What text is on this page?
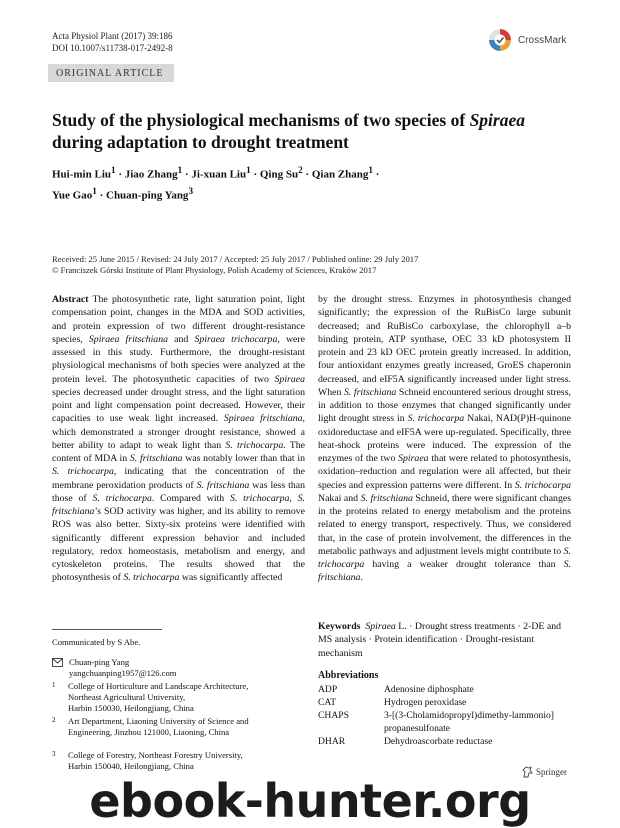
Acta Physiol Plant (2017) 39:186
DOI 10.1007/s11738-017-2492-8
CrossMark
ORIGINAL ARTICLE
Study of the physiological mechanisms of two species of Spiraea
during adaptation to drought treatment
Hui-min Liu$^1$ · Jiao Zhang$^1$ · Ji-xuan Liu$^1$ · Qing $Su^2$ · Qian Zhang$^1$ ·
Yue Gao$^1$ · Chuan-ping Yang$^3$
Received: 25 June 2015 / Revised: 24 July 2017 / Accepted: 25 July 2017 / Published online: 29 July 2017
© Franciszek Górski Institute of Plant Physiology, Polish Academy of Sciences, Kraków 2017
Abstract The photosynthetic rate, light saturation point, light compensation point, changes in the MDA and SOD activities, and protein expression of two different drought-resistance species, Spiraea fritschiana and Spiraea trichocarpa, were assessed in this study. Furthermore, the drought-resistant physiological mechanisms of both species were analyzed at the protein level. The photosynthetic capacities of two Spiraea species decreased under drought stress, and the light saturation point and light compensation point decreased. However, their capacities to use weak light increased. Spiraea fritschiana, which demonstrated a stronger drought resistance, showed a better ability to adapt to weak light than S. trichocarpa. The content of MDA in S. fritschiana was notably lower than that in S. trichocarpa, indicating that the concentration of the membrane peroxidation products of S. fritschiana was less than those of S. trichocarpa. Compared with S. trichocarpa, S. fritschiana’s SOD activity was higher, and its ability to remove ROS was also better. Sixty-six proteins were identified with significantly different expression behavior and included regulatory, redox homeostasis, metabolism and energy, and cytoskeleton proteins. The results showed that the photosynthesis of S. trichocarpa was significantly affected
by the drought stress. Enzymes in photosynthesis changed significantly; the expression of the RuBisCo large subunit decreased; and RuBisCo carboxylase, the chlorophyll a–b binding protein, ATP synthase, OEC 33 kD photosystem II protein and 23 kD OEC protein greatly increased. In addition, four antioxidant enzymes greatly increased, GroES chaperonin decreased, and eIF5A significantly increased under light stress. When S. fritschiana Schneid encountered serious drought stress, in addition to those enzymes that changed significantly under light drought stress in S. trichocarpa Nakai, NAD(P)H-quinone oxidoreductase and eIF5A were up-regulated. Specifically, three heat-shock proteins were induced. The expression of the enzymes of the two Spiraea that were related to photosynthesis, oxidation–reduction and regulation were all affected, but their species and expression patterns were different. In S. trichocarpa Nakai and S. fritschiana Schneid, there were significant changes in the proteins related to energy metabolism and the proteins related to energy transport, respectively. Thus, we considered that, in the case of protein involvement, the differences in the metabolic pathways and adjustment levels might contribute to S. trichocarpa having a weaker drought tolerance than S. fritschiana.
Keywords Spiraea L. · Drought stress treatments · 2-DE and MS analysis · Protein identification · Drought-resistant mechanism
Communicated by S Abe.
Chuan-ping Yang
yangchuanping1957@126.com
1	College of Horticulture and Landscape Architecture,
Northeast Agricultural University,
Harbin 150030, Heilongjiang, China
2	Art Department, Liaoning University of Science and
Engineering, Jinzhou 121000, Liaoning, China
3	College of Forestry, Northeast Forestry University,
Harbin 150040, Heilongjiang, China
Abbreviations
ADP	Adenosine diphosphate
CAT	Hydrogen peroxidase
CHAPS	3-[(3-Cholamidopropyl)dimethy-lammonio] propanesulfonate
DHAR	Dehydroascorbate reductase
Springer
ebook-hunter.org
